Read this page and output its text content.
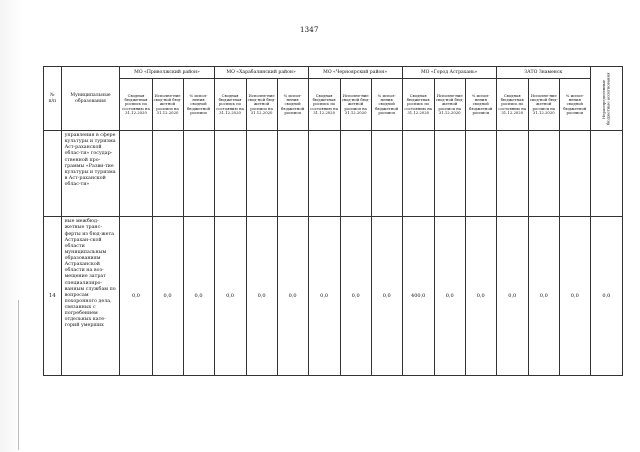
1347
№
п/п	Муниципальные
образования	МО «Приволжский район»			МО «Харабалинский район»			МО «Черноярский район»			МО «Город Астрахань»			ЗАТО Знаменск			Нераспределенные бюджетные ассигнования

		Сводная бюджетная роспись по состоянию на 31.12.2020	Исполне-ние свод-ной бюд-жетной росписи на 31.12.2020	% испол-нения сводной бюджетной росписи	Сводная бюджетная роспись по состоянию на 31.12.2020	Исполне-ние свод-ной бюд-жетной росписи на 31.12.2020	% испол-нения сводной бюджетной росписи	Сводная бюджетная роспись по состоянию на 31.12.2020	Исполне-ние свод-ной бюд-жетной росписи на 31.12.2020	% испол-нения сводной бюджетной росписи	Сводная бюджетная роспись по состоянию на 31.12.2020	Исполне-ние свод-ной бюд-жетной росписи на 31.12.2020	% испол-нения сводной бюджетной росписи	Сводная бюджетная роспись по состоянию на 31.12.2020	Исполне-ние свод-ной бюд-жетной росписи на 31.12.2020	% испол-нения сводной бюджетной росписи	
	управления в сфере культуры и туризма Аст-раханской облас-ти» государ-ственной про-граммы «Разви-тие культуры и туризма в Аст-раханской облас-ти»																
14	ные межбюд-жетные транс-ферты из бюд-жета Астрахан-ской области муниципальным образованиям Астраханской области на воз-мещение затрат специализиро-ванным службам по вопросам похоронного дела, связанных с погребением отдельных кате-горий умерших	0,0	0,0	0,0	0,0	0,0	0,0	0,0	0,0	0,0	400,0	0,0	0,0	0,0	0,0	0,0	0,0
